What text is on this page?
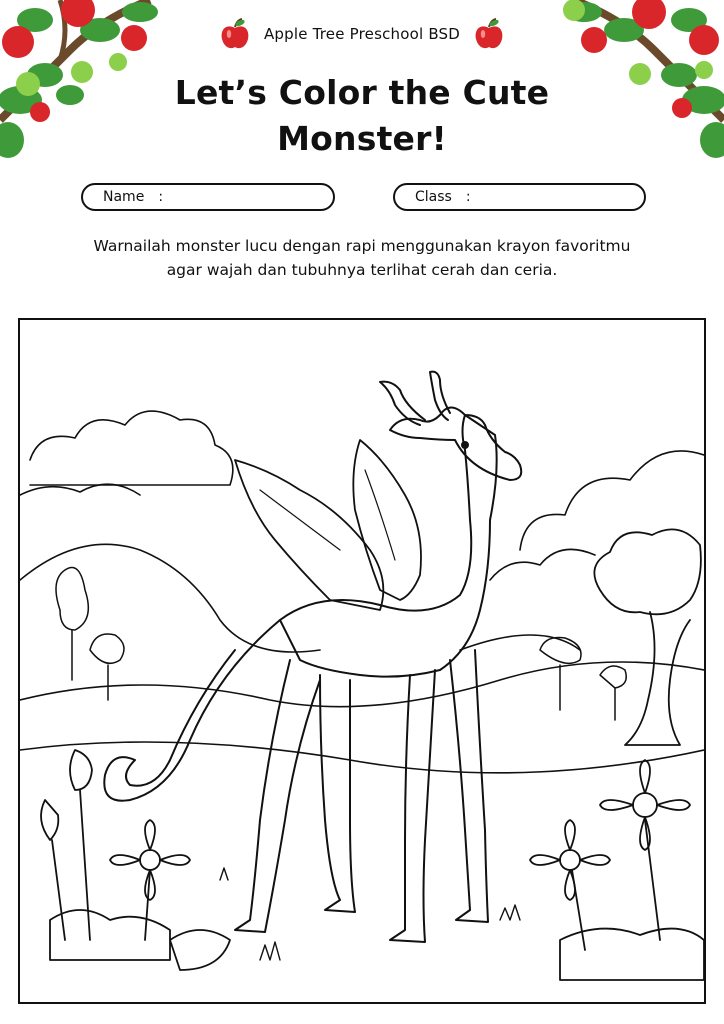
Apple Tree Preschool BSD
Let’s Color the Cute
Monster!
Name :	Class :
Warnailah monster lucu dengan rapi menggunakan krayon favoritmu
agar wajah dan tubuhnya terlihat cerah dan ceria.
